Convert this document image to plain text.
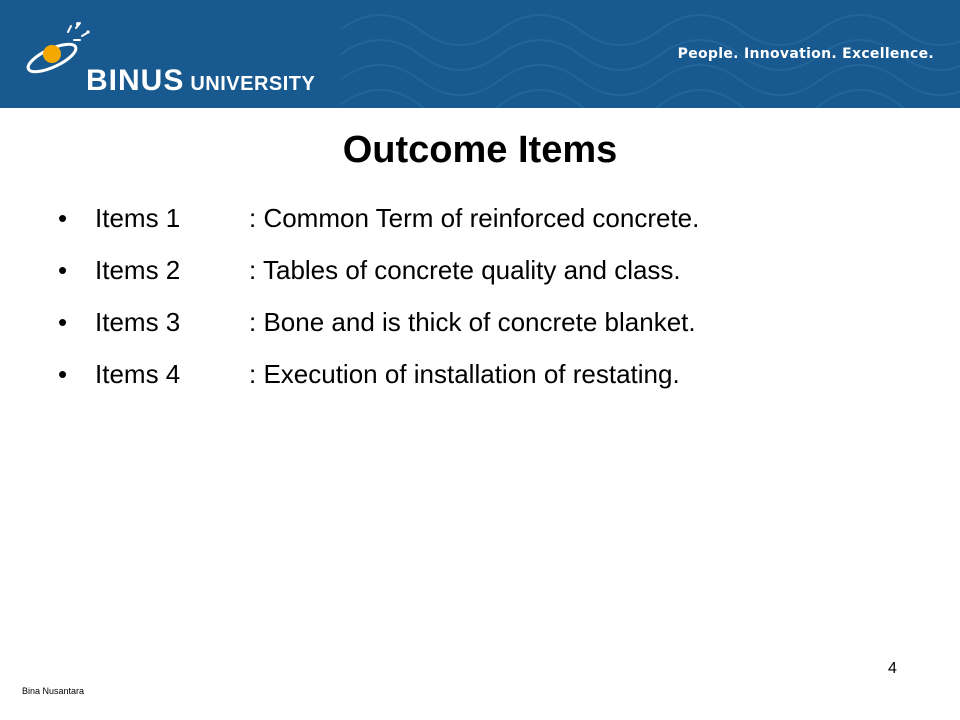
BINUS UNIVERSITY
People. Innovation. Excellence.
Outcome Items
• Items 1	: Common Term of reinforced concrete.
• Items 2	: Tables of concrete quality and class.
• Items 3	: Bone and is thick of concrete blanket.
• Items 4	: Execution of installation of restating.
Bina Nusantara
4
